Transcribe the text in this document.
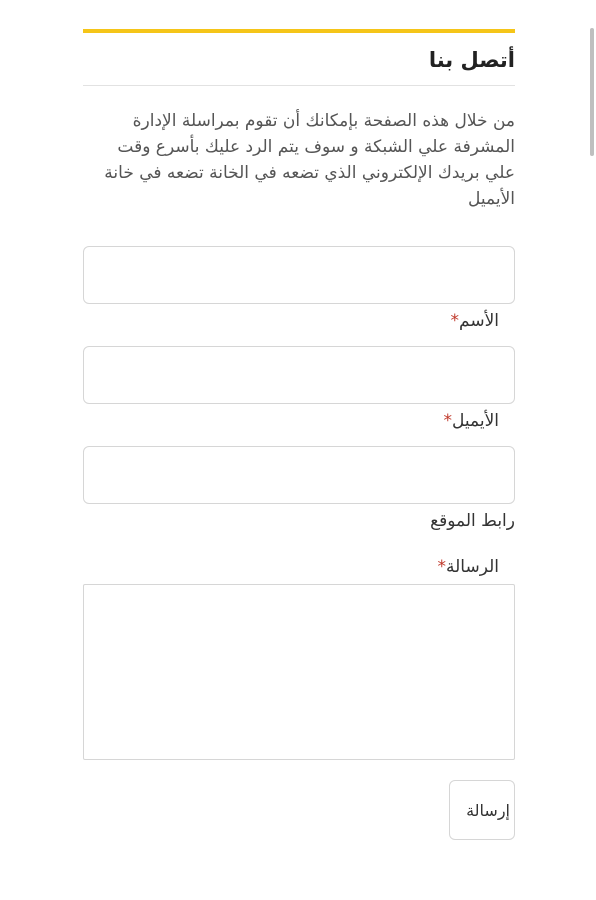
أتصل بنا

من خلال هذه الصفحة بإمكانك أن تقوم بمراسلة الإدارة المشرفة علي الشبكة و سوف يتم الرد عليك بأسرع وقت علي بريدك الإلكتروني الذي تضعه في الخانة تضعه في خانة الأيميل

الأسم*
الأيميل*
رابط الموقع
الرسالة*
إرسالة
